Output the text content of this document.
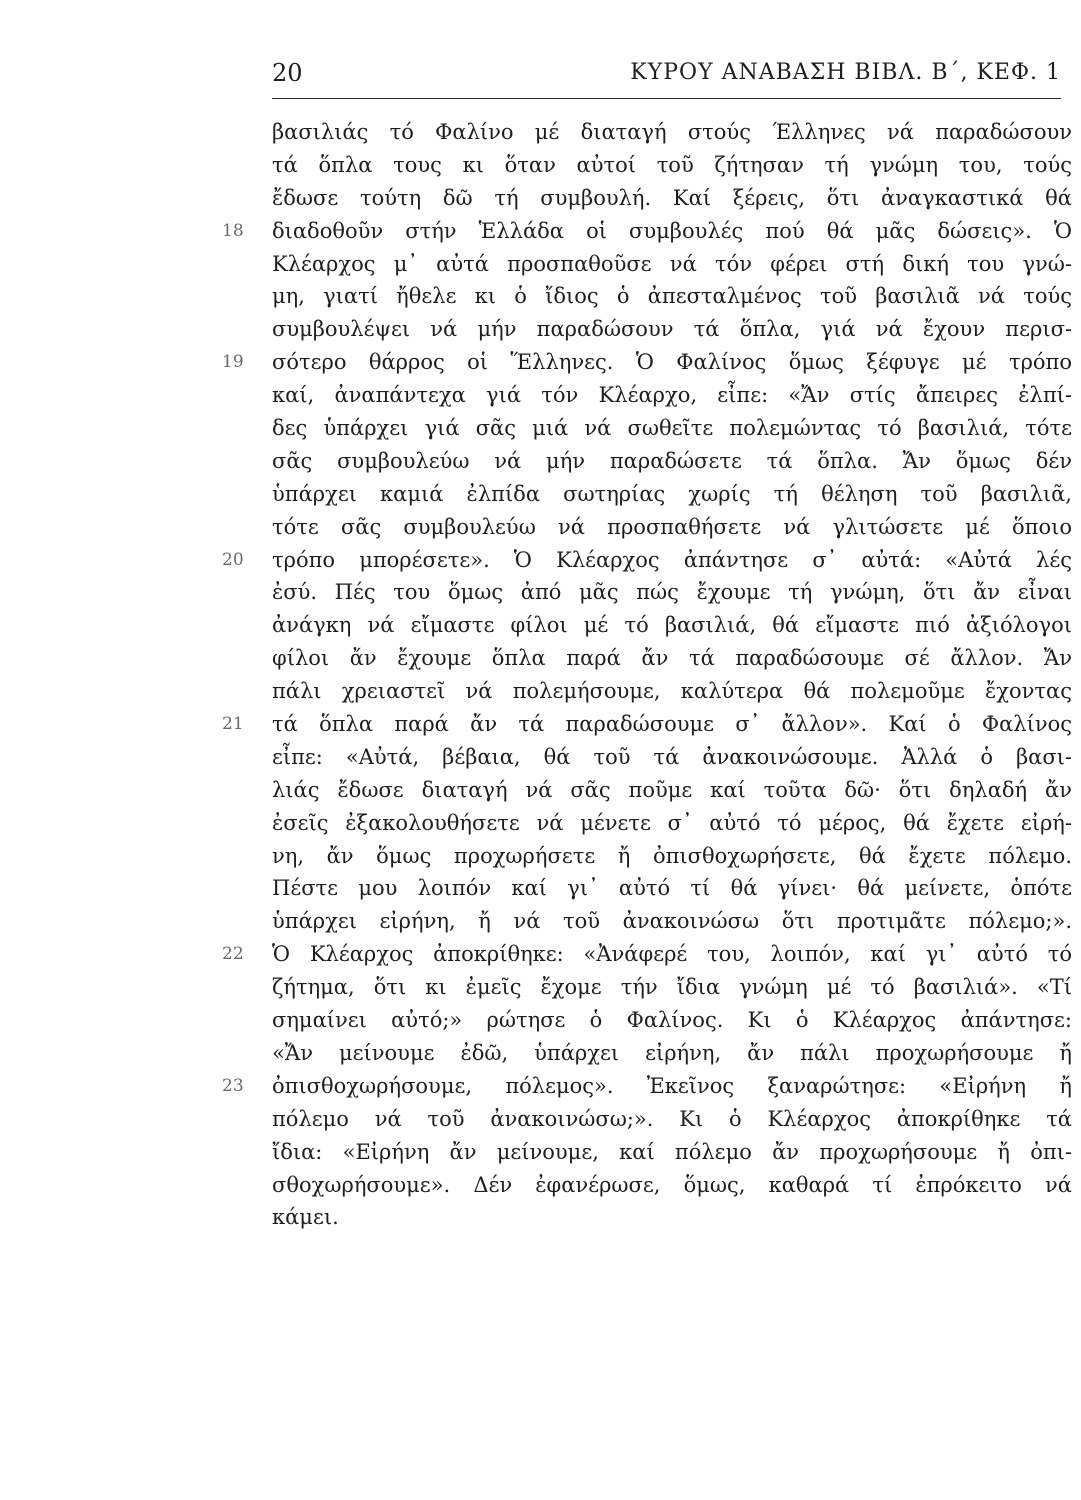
20	ΚΥΡΟΥ ΑΝΑΒΑΣΗ ΒΙΒΛ. Β΄, ΚΕΦ. 1
βασιλιάς τό Φαλίνο μέ διαταγή στούς Έλληνες νά παραδώσουν
τά ὅπλα τους κι ὅταν αὐτοί τοῦ ζήτησαν τή γνώμη του, τούς
ἔδωσε τούτη δῶ τή συμβουλή. Καί ξέρεις, ὅτι ἀναγκαστικά θά
διαδοθοῦν στήν Ἑλλάδα οἱ συμβουλές πού θά μᾶς δώσεις». Ὁ
18
Κλέαρχος μ᾿ αὐτά προσπαθοῦσε νά τόν φέρει στή δική του γνώ-
μη, γιατί ἤθελε κι ὁ ἴδιος ὁ ἀπεσταλμένος τοῦ βασιλιᾶ νά τούς
συμβουλέψει νά μήν παραδώσουν τά ὅπλα, γιά νά ἔχουν περισ-
σότερο θάρρος οἱ Ἕλληνες. Ὁ Φαλίνος ὅμως ξέφυγε μέ τρόπο
19
καί, ἀναπάντεχα γιά τόν Κλέαρχο, εἶπε: «Ἄν στίς ἄπειρες ἐλπί-
δες ὑπάρχει γιά σᾶς μιά νά σωθεῖτε πολεμώντας τό βασιλιά, τότε
σᾶς συμβουλεύω νά μήν παραδώσετε τά ὅπλα. Ἄν ὅμως δέν
ὑπάρχει καμιά ἐλπίδα σωτηρίας χωρίς τή θέληση τοῦ βασιλιᾶ,
τότε σᾶς συμβουλεύω νά προσπαθήσετε νά γλιτώσετε μέ ὅποιο
τρόπο μπορέσετε». Ὁ Κλέαρχος ἀπάντησε σ᾿ αὐτά: «Αὐτά λές
20
ἐσύ. Πές του ὅμως ἀπό μᾶς πώς ἔχουμε τή γνώμη, ὅτι ἄν εἶναι
ἀνάγκη νά εἴμαστε φίλοι μέ τό βασιλιά, θά εἴμαστε πιό ἀξιόλογοι
φίλοι ἄν ἔχουμε ὅπλα παρά ἄν τά παραδώσουμε σέ ἄλλον. Ἄν
πάλι χρειαστεῖ νά πολεμήσουμε, καλύτερα θά πολεμοῦμε ἔχοντας
τά ὅπλα παρά ἄν τά παραδώσουμε σ᾿ ἄλλον». Καί ὁ Φαλίνος
21
εἶπε: «Αὐτά, βέβαια, θά τοῦ τά ἀνακοινώσουμε. Ἀλλά ὁ βασι-
λιάς ἔδωσε διαταγή νά σᾶς ποῦμε καί τοῦτα δῶ· ὅτι δηλαδή ἄν
ἐσεῖς ἐξακολουθήσετε νά μένετε σ᾿ αὐτό τό μέρος, θά ἔχετε εἰρή-
νη, ἄν ὅμως προχωρήσετε ἤ ὀπισθοχωρήσετε, θά ἔχετε πόλεμο.
Πέστε μου λοιπόν καί γι᾿ αὐτό τί θά γίνει· θά μείνετε, ὁπότε
ὑπάρχει εἰρήνη, ἤ νά τοῦ ἀνακοινώσω ὅτι προτιμᾶτε πόλεμο;».
Ὁ Κλέαρχος ἀποκρίθηκε: «Ἀνάφερέ του, λοιπόν, καί γι᾿ αὐτό τό
22
ζήτημα, ὅτι κι ἐμεῖς ἔχομε τήν ἴδια γνώμη μέ τό βασιλιά». «Τί
σημαίνει αὐτό;» ρώτησε ὁ Φαλίνος. Κι ὁ Κλέαρχος ἀπάντησε:
«Ἄν μείνουμε ἐδῶ, ὑπάρχει εἰρήνη, ἄν πάλι προχωρήσουμε ἤ
ὀπισθοχωρήσουμε, πόλεμος». Ἐκεῖνος ξαναρώτησε: «Εἰρήνη ἤ
23
πόλεμο νά τοῦ ἀνακοινώσω;». Κι ὁ Κλέαρχος ἀποκρίθηκε τά
ἴδια: «Εἰρήνη ἄν μείνουμε, καί πόλεμο ἄν προχωρήσουμε ἤ ὀπι-
σθοχωρήσουμε». Δέν ἐφανέρωσε, ὅμως, καθαρά τί ἐπρόκειτο νά
κάμει.
